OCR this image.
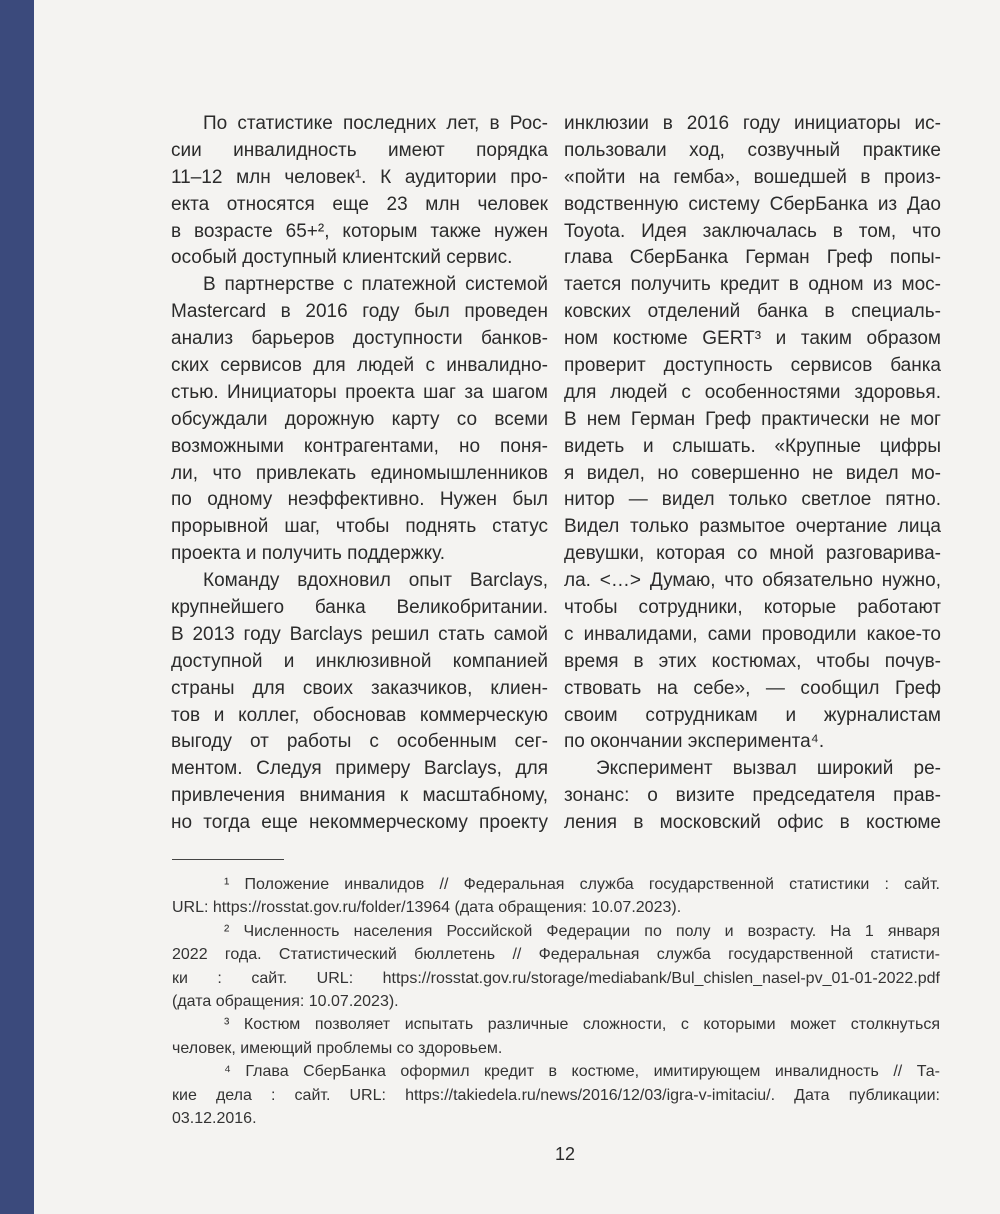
По статистике последних лет, в Рос-
сии инвалидность имеют порядка
11–12 млн человек¹. К аудитории про-
екта относятся еще 23 млн человек
в возрасте 65+², которым также нужен
особый доступный клиентский сервис.
В партнерстве с платежной системой
Mastercard в 2016 году был проведен
анализ барьеров доступности банков-
ских сервисов для людей с инвалидно-
стью. Инициаторы проекта шаг за шагом
обсуждали дорожную карту со всеми
возможными контрагентами, но поня-
ли, что привлекать единомышленников
по одному неэффективно. Нужен был
прорывной шаг, чтобы поднять статус
проекта и получить поддержку.
Команду вдохновил опыт Barclays,
крупнейшего банка Великобритании.
В 2013 году Barclays решил стать самой
доступной и инклюзивной компанией
страны для своих заказчиков, клиен-
тов и коллег, обосновав коммерческую
выгоду от работы с особенным сег-
ментом. Следуя примеру Barclays, для
привлечения внимания к масштабному,
но тогда еще некоммерческому проекту
инклюзии в 2016 году инициаторы ис-
пользовали ход, созвучный практике
«пойти на гемба», вошедшей в произ-
водственную систему СберБанка из Дао
Toyota. Идея заключалась в том, что
глава СберБанка Герман Греф попы-
тается получить кредит в одном из мос-
ковских отделений банка в специаль-
ном костюме GERT³ и таким образом
проверит доступность сервисов банка
для людей с особенностями здоровья.
В нем Герман Греф практически не мог
видеть и слышать. «Крупные цифры
я видел, но совершенно не видел мо-
нитор — видел только светлое пятно.
Видел только размытое очертание лица
девушки, которая со мной разговарива-
ла. <…> Думаю, что обязательно нужно,
чтобы сотрудники, которые работают
с инвалидами, сами проводили какое-то
время в этих костюмах, чтобы почув-
ствовать на себе», — сообщил Греф
своим сотрудникам и журналистам
по окончании эксперимента⁴.
Эксперимент вызвал широкий ре-
зонанс: о визите председателя прав-
ления в московский офис в костюме
¹ Положение инвалидов // Федеральная служба государственной статистики : сайт.
URL: https://rosstat.gov.ru/folder/13964 (дата обращения: 10.07.2023).
² Численность населения Российской Федерации по полу и возрасту. На 1 января
2022 года. Статистический бюллетень // Федеральная служба государственной статисти-
ки : сайт. URL: https://rosstat.gov.ru/storage/mediabank/Bul_chislen_nasel-pv_01-01-2022.pdf
(дата обращения: 10.07.2023).
³ Костюм позволяет испытать различные сложности, с которыми может столкнуться
человек, имеющий проблемы со здоровьем.
⁴ Глава СберБанка оформил кредит в костюме, имитирующем инвалидность // Та-
кие дела : сайт. URL: https://takiedela.ru/news/2016/12/03/igra-v-imitaciu/. Дата публикации:
03.12.2016.
12
